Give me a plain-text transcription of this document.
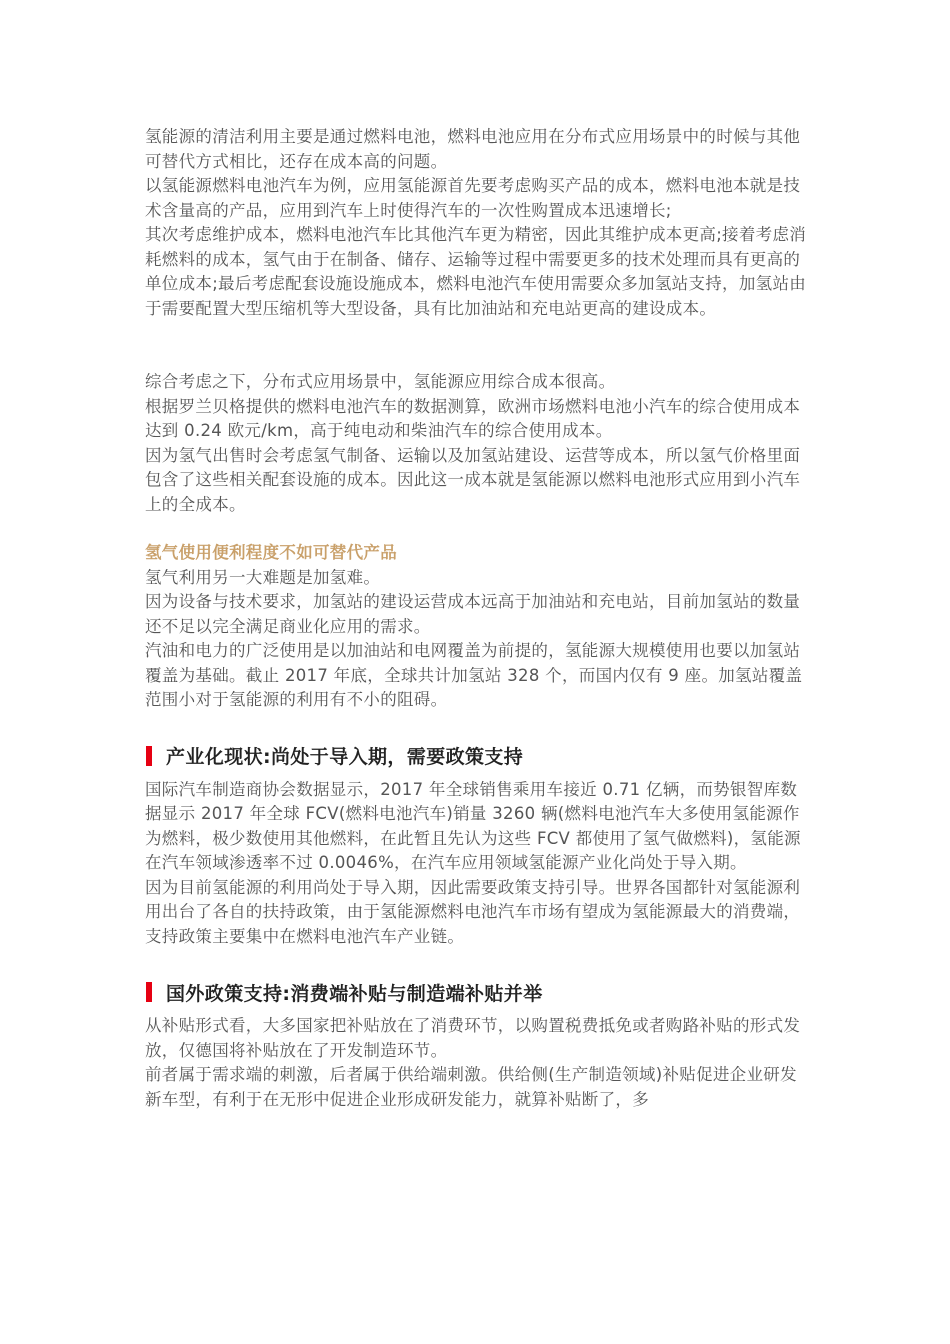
氢能源的清洁利用主要是通过燃料电池，燃料电池应用在分布式应用场景中的时候与其他可替代方式相比，还存在成本高的问题。

以氢能源燃料电池汽车为例，应用氢能源首先要考虑购买产品的成本，燃料电池本就是技术含量高的产品，应用到汽车上时使得汽车的一次性购置成本迅速增长;

其次考虑维护成本，燃料电池汽车比其他汽车更为精密，因此其维护成本更高;接着考虑消耗燃料的成本，氢气由于在制备、储存、运输等过程中需要更多的技术处理而具有更高的单位成本;最后考虑配套设施设施成本，燃料电池汽车使用需要众多加氢站支持，加氢站由于需要配置大型压缩机等大型设备，具有比加油站和充电站更高的建设成本。

综合考虑之下，分布式应用场景中，氢能源应用综合成本很高。

根据罗兰贝格提供的燃料电池汽车的数据测算，欧洲市场燃料电池小汽车的综合使用成本达到 0.24 欧元/km，高于纯电动和柴油汽车的综合使用成本。

因为氢气出售时会考虑氢气制备、运输以及加氢站建设、运营等成本，所以氢气价格里面包含了这些相关配套设施的成本。因此这一成本就是氢能源以燃料电池形式应用到小汽车上的全成本。

氢气使用便利程度不如可替代产品

氢气利用另一大难题是加氢难。

因为设备与技术要求，加氢站的建设运营成本远高于加油站和充电站，目前加氢站的数量还不足以完全满足商业化应用的需求。

汽油和电力的广泛使用是以加油站和电网覆盖为前提的，氢能源大规模使用也要以加氢站覆盖为基础。截止 2017 年底，全球共计加氢站 328 个，而国内仅有 9 座。加氢站覆盖范围小对于氢能源的利用有不小的阻碍。

产业化现状:尚处于导入期，需要政策支持

国际汽车制造商协会数据显示，2017 年全球销售乘用车接近 0.71 亿辆，而势银智库数据显示 2017 年全球 FCV(燃料电池汽车)销量 3260 辆(燃料电池汽车大多使用氢能源作为燃料，极少数使用其他燃料，在此暂且先认为这些 FCV 都使用了氢气做燃料)，氢能源在汽车领域渗透率不过 0.0046%，在汽车应用领域氢能源产业化尚处于导入期。

因为目前氢能源的利用尚处于导入期，因此需要政策支持引导。世界各国都针对氢能源利用出台了各自的扶持政策，由于氢能源燃料电池汽车市场有望成为氢能源最大的消费端，支持政策主要集中在燃料电池汽车产业链。

国外政策支持:消费端补贴与制造端补贴并举

从补贴形式看，大多国家把补贴放在了消费环节，以购置税费抵免或者购路补贴的形式发放，仅德国将补贴放在了开发制造环节。

前者属于需求端的刺激，后者属于供给端刺激。供给侧(生产制造领域)补贴促进企业研发新车型，有利于在无形中促进企业形成研发能力，就算补贴断了，多
